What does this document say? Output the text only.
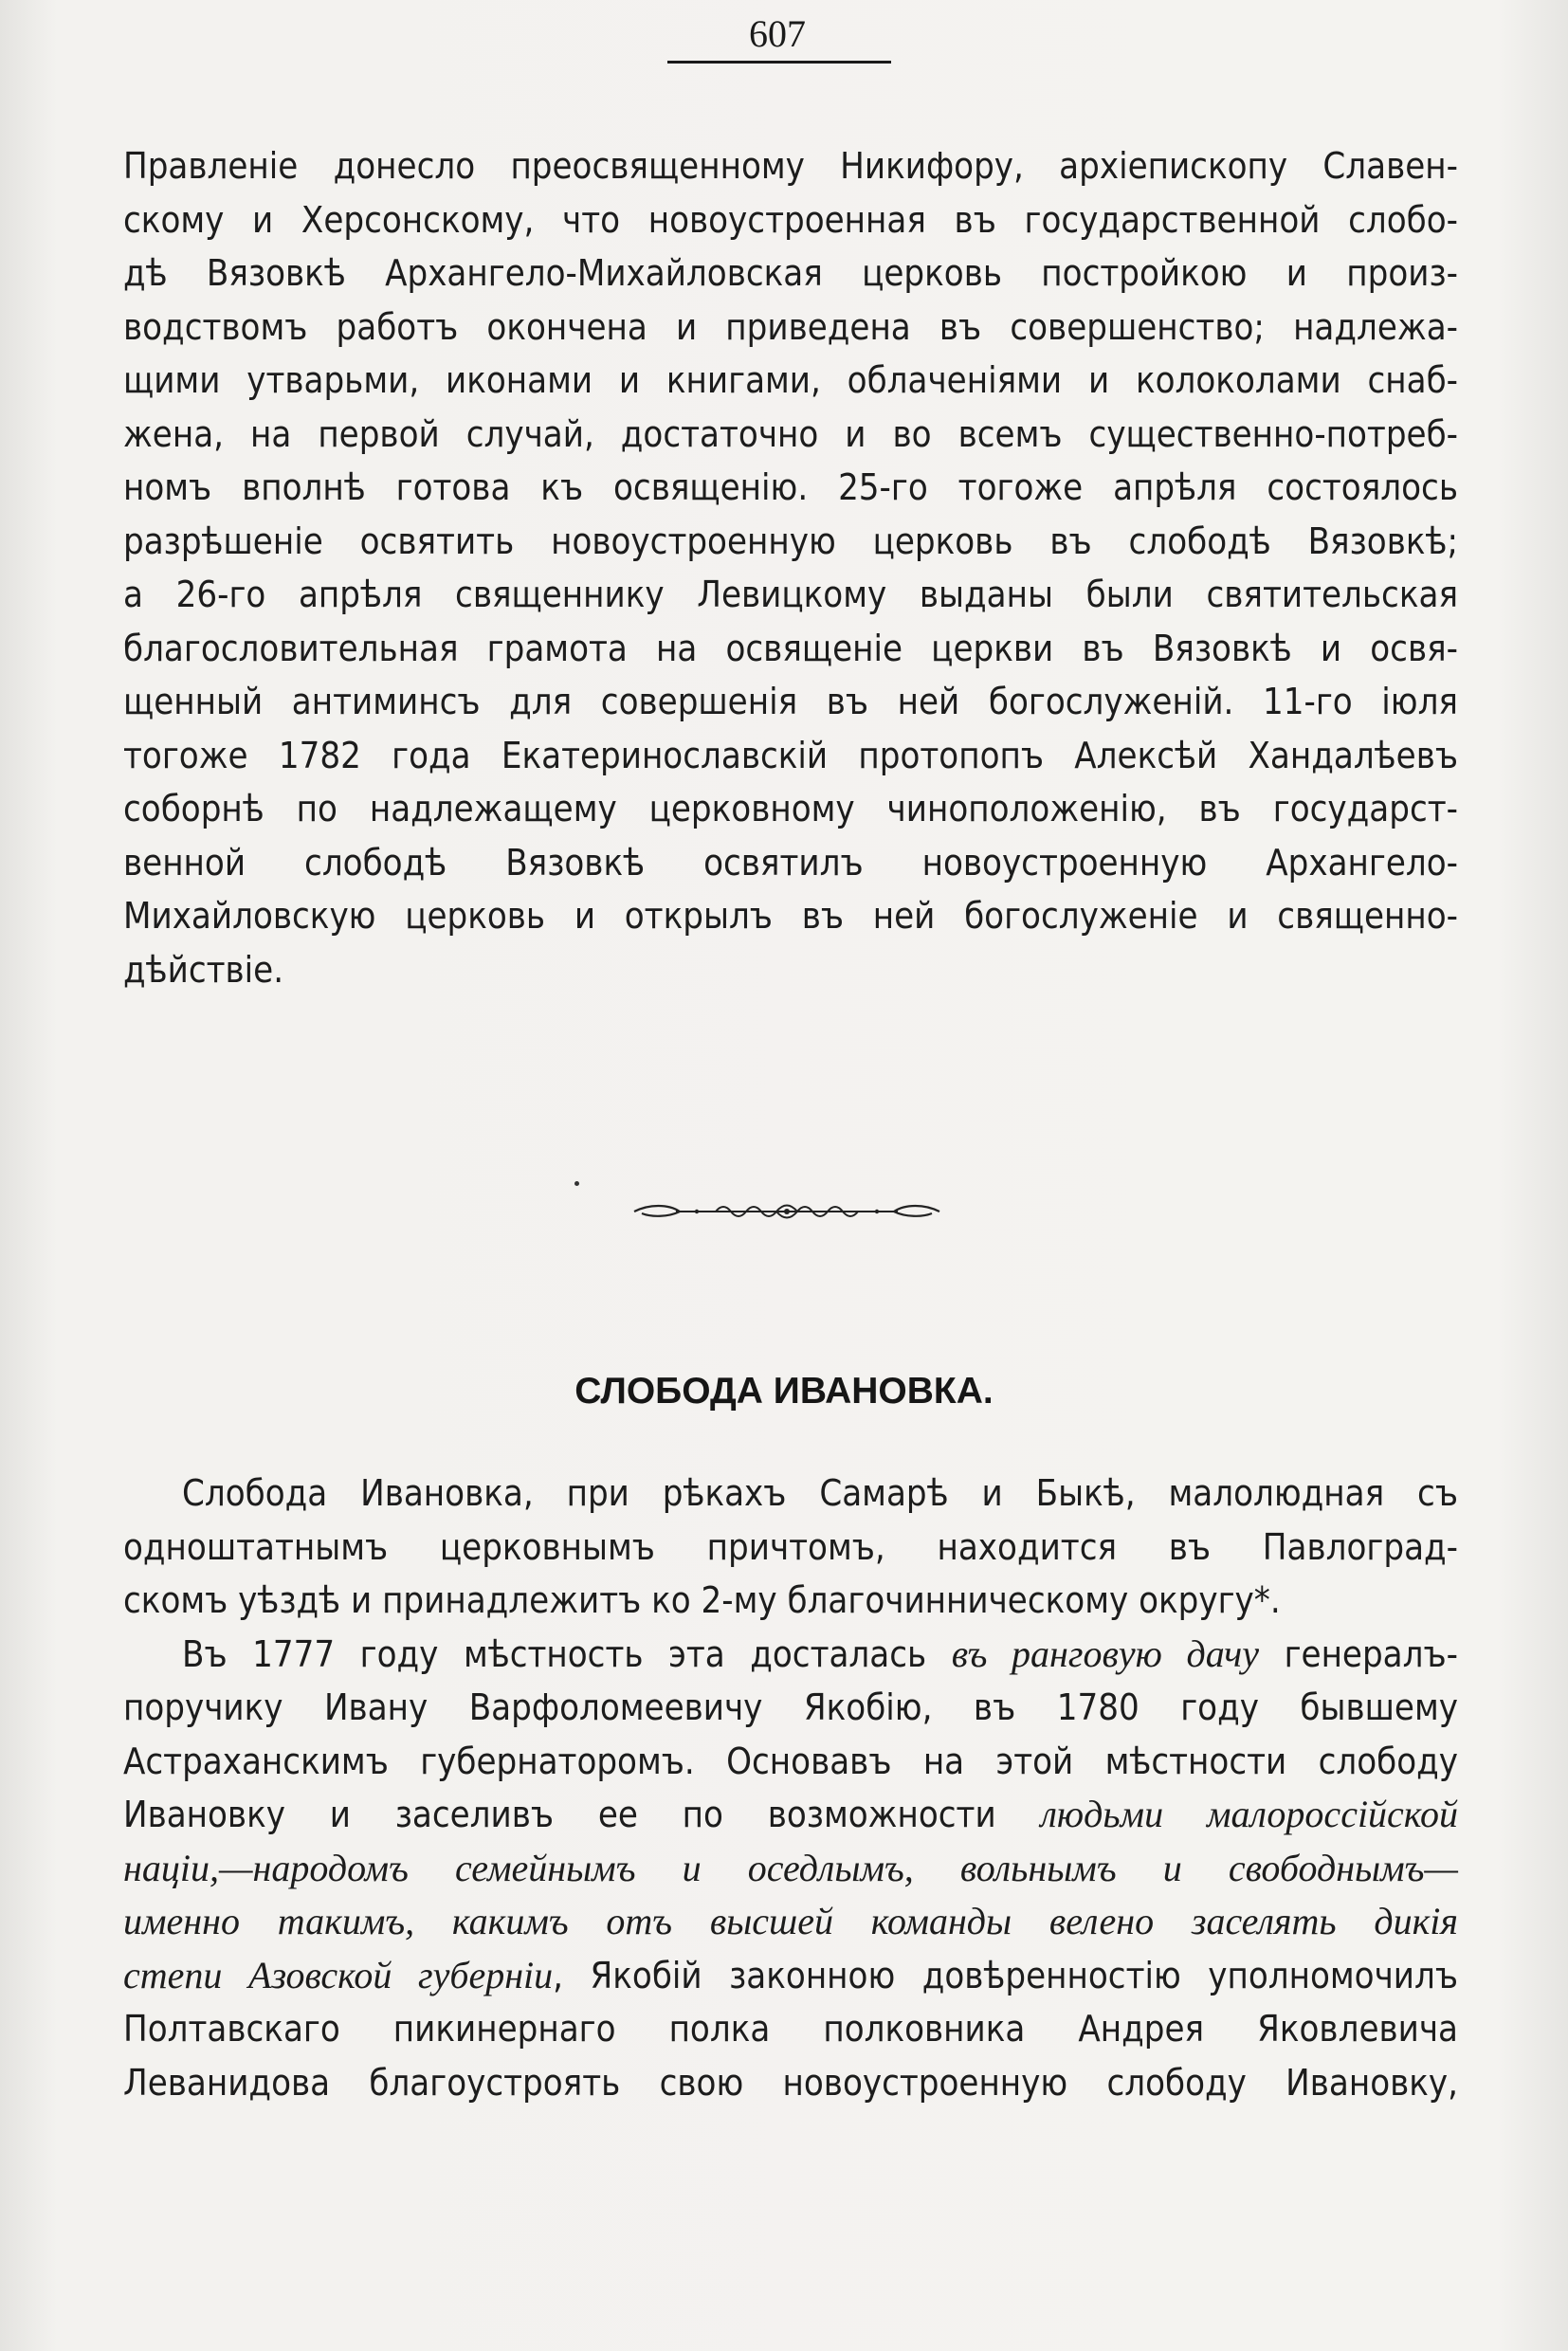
607
Правленіе донесло преосвященному Никифору, архіепископу Славен-
скому и Херсонскому, что новоустроенная въ государственной слобо-
дѣ Вязовкѣ Архангело-Михайловская церковь постройкою и произ-
водствомъ работъ окончена и приведена въ совершенство; надлежа-
щими утварьми, иконами и книгами, облаченіями и колоколами снаб-
жена, на первой случай, достаточно и во всемъ существенно-потреб-
номъ вполнѣ готова къ освященію. 25-го тогоже апрѣля состоялось
разрѣшеніе освятить новоустроенную церковь въ слободѣ Вязовкѣ;
а 26-го апрѣля священнику Левицкому выданы были святительская
благословительная грамота на освященіе церкви въ Вязовкѣ и освя-
щенный антиминсъ для совершенія въ ней богослуженій. 11-го іюля
тогоже 1782 года Екатеринославскій протопопъ Алексѣй Хандалѣевъ
соборнѣ по надлежащему церковному чиноположенію, въ государст-
венной слободѣ Вязовкѣ освятилъ новоустроенную Архангело-
Михайловскую церковь и открылъ въ ней богослуженіе и священно-
дѣйствіе.
СЛОБОДА ИВАНОВКА.
Слобода Ивановка, при рѣкахъ Самарѣ и Быкѣ, малолюдная съ
одноштатнымъ церковнымъ причтомъ, находится въ Павлоград-
скомъ уѣздѣ и принадлежитъ ко 2-му благочинническому округу*.
Въ 1777 году мѣстность эта досталась въ ранговую дачу генералъ-
поручику Ивану Варфоломеевичу Якобію, въ 1780 году бывшему
Астраханскимъ губернаторомъ. Основавъ на этой мѣстности слободу
Ивановку и заселивъ ее по возможности людьми малороссійской
націи,—народомъ семейнымъ и оседлымъ, вольнымъ и свободнымъ—
именно такимъ, какимъ отъ высшей команды велено заселять дикія
степи Азовской губерніи, Якобій законною довѣренностію уполномочилъ
Полтавскаго пикинернаго полка полковника Андрея Яковлевича
Леванидова благоустроять свою новоустроенную слободу Ивановку,
